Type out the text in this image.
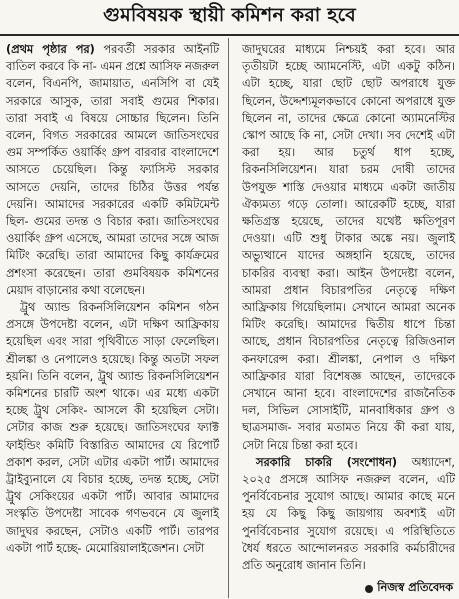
গুমবিষয়ক স্থায়ী কমিশন করা হবে

(প্রথম পৃষ্ঠার পর) পরবর্তী সরকার আইনটি বাতিল করবে কি না- এমন প্রশ্নে আসিফ নজরুল বলেন, বিএনপি, জামায়াত, এনসিপি বা যেই সরকারে আসুক, তারা সবাই গুমের শিকার। তারা সবাই এ বিষয়ে সোচ্চার ছিলেন। তিনি বলেন, বিগত সরকারের আমলে জাতিসংঘের গুম সম্পর্কিত ওয়ার্কিং গ্রুপ বারবার বাংলাদেশে আসতে চেয়েছিল। কিন্তু ফ্যাসিস্ট সরকার আসতে দেয়নি, তাদের চিঠির উত্তর পর্যন্ত দেয়নি। আমাদের সরকারের একটি কমিটমেন্ট ছিল- গুমের তদন্ত ও বিচার করা। জাতিসংঘের ওয়ার্কিং গ্রুপ এসেছে, আমরা তাদের সঙ্গে আজ মিটিং করেছি। তারা আমাদের কিছু কার্যক্রমের প্রশংসা করেছেন। তারা গুমবিষয়ক কমিশনের মেয়াদ বাড়ানোর কথা বলেছেন।

ট্রুথ অ্যান্ড রিকনসিলিয়েশন কমিশন গঠন প্রসঙ্গে উপদেষ্টা বলেন, এটা দক্ষিণ আফ্রিকায় হয়েছিল এবং সারা পৃথিবীতে সাড়া ফেলেছিল। শ্রীলঙ্কা ও নেপালেও হয়েছে। কিন্তু অতটা সফল হয়নি। তিনি বলেন, ট্রুথ অ্যান্ড রিকনসিলিয়েশন কমিশনের চারটি অংশ থাকে। এর মধ্যে একটা হচ্ছে ট্রুথ সেকিং- আসলে কী হয়েছিল সেটা। সেটার কাজ শুরু হয়েছে। জাতিসংঘের ফ্যাক্ট ফাইন্ডিং কমিটি বিস্তারিত আমাদের যে রিপোর্ট প্রকাশ করল, সেটা এটার একটা পার্ট। আমাদের ট্রাইব্যুনালে যে বিচার হচ্ছে, তদন্ত হচ্ছে, সেটা ট্রুথ সেকিংয়ের একটা পার্ট। আবার আমাদের সংস্কৃতি উপদেষ্টা সাবেক গণভবনে যে জুলাই জাদুঘর করছেন, সেটাও একটি পার্ট। তারপর একটা পার্ট হচ্ছে- মেমোরিয়ালাইজেশন। সেটা

জাদুঘরের মাধ্যমে নিশ্চয়ই করা হবে। আর তৃতীয়টা হচ্ছে অ্যামনেস্টি, এটা একটু কঠিন। এটা হচ্ছে, যারা ছোট ছোট অপরাধে যুক্ত ছিলেন, উদ্দেশ্যমূলকভাবে কোনো অপরাধে যুক্ত ছিলেন না, তাদের ক্ষেত্রে কোনো অ্যামনেস্টির স্কোপ আছে কি না, সেটা দেখা। সব দেশেই এটা করা হয়। আর চতুর্থ ধাপ হচ্ছে, রিকনসিলিয়েশন। যারা চরম দোষী তাদের উপযুক্ত শাস্তি দেওয়ার মাধ্যমে একটা জাতীয় ঐক্যমত্য গড়ে তোলা। আরেকটি হচ্ছে, যারা ক্ষতিগ্রস্ত হয়েছে, তাদের যথেষ্ট ক্ষতিপূরণ দেওয়া। এটি শুধু টাকার অঙ্কে নয়। জুলাই অভ্যুত্থানে যাদের অঙ্গহানি হয়েছে, তাদের চাকরির ব্যবস্থা করা। আইন উপদেষ্টা বলেন, আমরা প্রধান বিচারপতির নেতৃত্বে দক্ষিণ আফ্রিকায় গিয়েছিলাম। সেখানে আমরা অনেক মিটিং করেছি। আমাদের দ্বিতীয় ধাপে চিন্তা আছে, প্রধান বিচারপতির নেতৃত্বে রিজিওনাল কনফারেন্স করা। শ্রীলঙ্কা, নেপাল ও দক্ষিণ আফ্রিকার যারা বিশেষজ্ঞ আছেন, তাদেরকে সেখানে আনা হবে। বাংলাদেশের রাজনৈতিক দল, সিভিল সোসাইটি, মানবাধিকার গ্রুপ ও ছাত্রসমাজ- সবার মতামত নিয়ে কী করা যায়, সেটা নিয়ে চিন্তা করা হবে।

সরকারি চাকরি (সংশোধন) অধ্যাদেশ, ২০২৫ প্রসঙ্গে আসিফ নজরুল বলেন, এটি পুনর্বিবেচনার সুযোগ আছে। আমার কাছে মনে হয় যে কিছু কিছু জায়গায় অবশ্যই এটা পুনর্বিবেচনার সুযোগ রয়েছে। এ পরিস্থিতিতে ধৈর্য ধরতে আন্দোলনরত সরকারি কর্মচারীদের প্রতি অনুরোধ জানান তিনি।

নিজস্ব প্রতিবেদক
